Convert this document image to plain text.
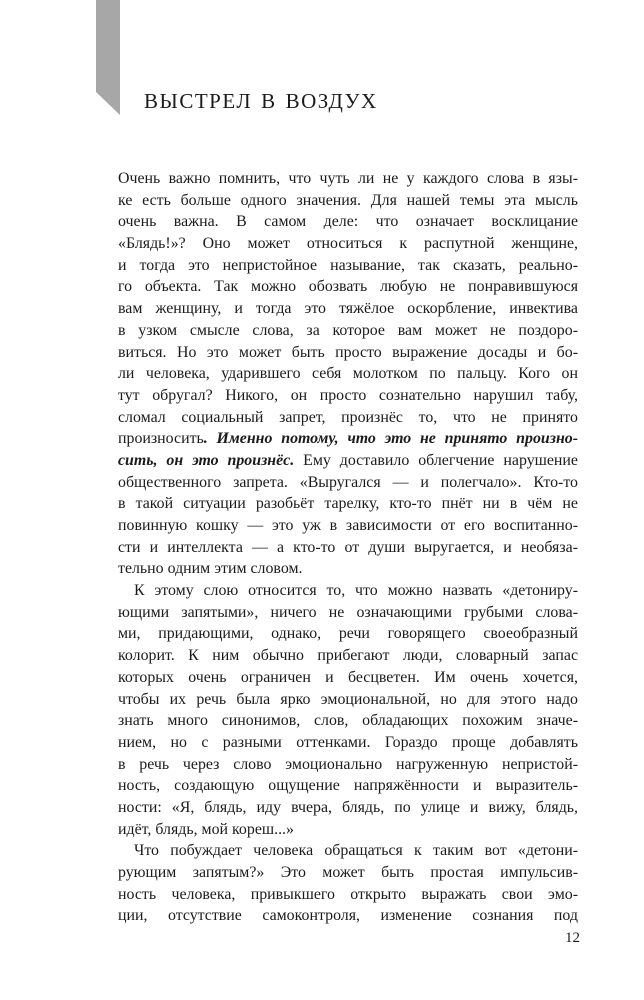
выстрел в воздух
Очень важно помнить, что чуть ли не у каждого слова в язы-
ке есть больше одного значения. Для нашей темы эта мысль
очень важна. В самом деле: что означает восклицание
«Блядь!»? Оно может относиться к распутной женщине,
и тогда это непристойное называние, так сказать, реально-
го объекта. Так можно обозвать любую не понравившуюся
вам женщину, и тогда это тяжёлое оскорбление, инвектива
в узком смысле слова, за которое вам может не поздоро-
виться. Но это может быть просто выражение досады и бо-
ли человека, ударившего себя молотком по пальцу. Кого он
тут обругал? Никого, он просто сознательно нарушил табу,
сломал социальный запрет, произнёс то, что не принято
произносить. Именно потому, что это не принято произно-
сить, он это произнёс. Ему доставило облегчение нарушение
общественного запрета. «Выругался — и полегчало». Кто-то
в такой ситуации разобьёт тарелку, кто-то пнёт ни в чём не
повинную кошку — это уж в зависимости от его воспитанно-
сти и интеллекта — а кто-то от души выругается, и необяза-
тельно одним этим словом.
К этому слою относится то, что можно назвать «детониру-
ющими запятыми», ничего не означающими грубыми слова-
ми, придающими, однако, речи говорящего своеобразный
колорит. К ним обычно прибегают люди, словарный запас
которых очень ограничен и бесцветен. Им очень хочется,
чтобы их речь была ярко эмоциональной, но для этого надо
знать много синонимов, слов, обладающих похожим значе-
нием, но с разными оттенками. Гораздо проще добавлять
в речь через слово эмоционально нагруженную непристой-
ность, создающую ощущение напряжённости и выразитель-
ности: «Я, блядь, иду вчера, блядь, по улице и вижу, блядь,
идёт, блядь, мой кореш...»
Что побуждает человека обращаться к таким вот «детони-
рующим запятым?» Это может быть простая импульсив-
ность человека, привыкшего открыто выражать свои эмо-
ции, отсутствие самоконтроля, изменение сознания под
12
